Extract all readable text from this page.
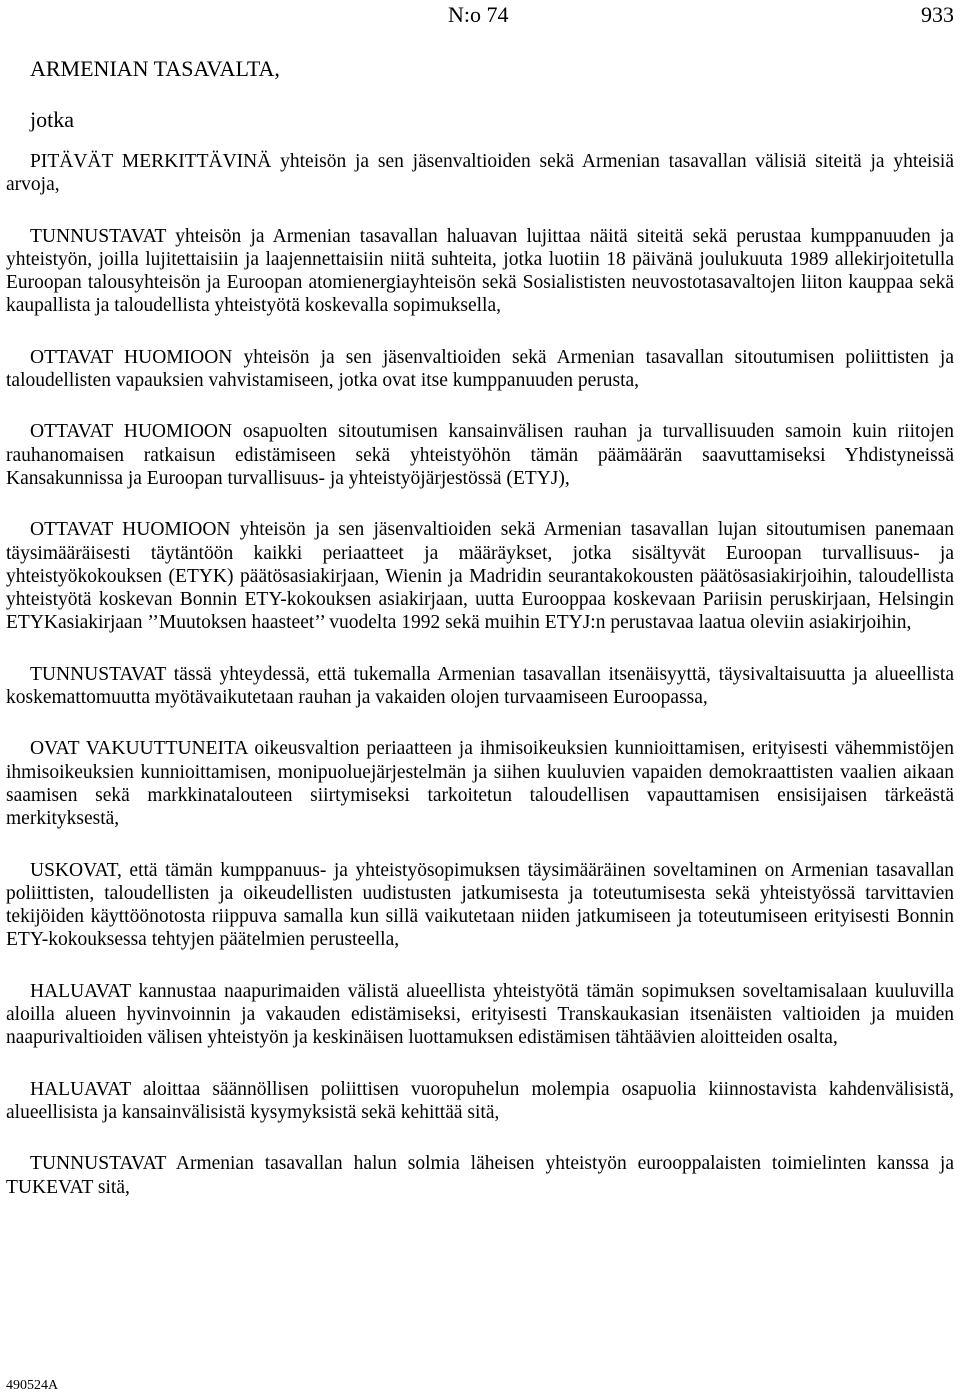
N:o 74	933
ARMENIAN TASAVALTA,
jotka

PITÄVÄT MERKITTÄVINÄ yhteisön ja sen jäsenvaltioiden sekä Armenian tasavallan välisiä siteitä ja yhteisiä arvoja,

TUNNUSTAVAT yhteisön ja Armenian tasavallan haluavan lujittaa näitä siteitä sekä perustaa kumppanuuden ja yhteistyön, joilla lujitettaisiin ja laajennettaisiin niitä suhteita, jotka luotiin 18 päivänä joulukuuta 1989 allekirjoitetulla Euroopan talousyhteisön ja Euroopan atomienergiayhteisön sekä Sosialististen neuvostotasavaltojen liiton kauppaa sekä kaupallista ja taloudellista yhteistyötä koskevalla sopimuksella,

OTTAVAT HUOMIOON yhteisön ja sen jäsenvaltioiden sekä Armenian tasavallan sitoutumisen poliittisten ja taloudellisten vapauksien vahvistamiseen, jotka ovat itse kumppanuuden perusta,

OTTAVAT HUOMIOON osapuolten sitoutumisen kansainvälisen rauhan ja turvallisuuden samoin kuin riitojen rauhanomaisen ratkaisun edistämiseen sekä yhteistyöhön tämän päämäärän saavuttamiseksi Yhdistyneissä Kansakunnissa ja Euroopan turvallisuus- ja yhteistyöjärjestössä (ETYJ),

OTTAVAT HUOMIOON yhteisön ja sen jäsenvaltioiden sekä Armenian tasavallan lujan sitoutumisen panemaan täysimääräisesti täytäntöön kaikki periaatteet ja määräykset, jotka sisältyvät Euroopan turvallisuus- ja yhteistyökokouksen (ETYK) päätösasiakirjaan, Wienin ja Madridin seurantakokousten päätösasiakirjoihin, taloudellista yhteistyötä koskevan Bonnin ETY-kokouksen asiakirjaan, uutta Eurooppaa koskevaan Pariisin peruskirjaan, Helsingin ETYKasiakirjaan ’’Muutoksen haasteet’’ vuodelta 1992 sekä muihin ETYJ:n perustavaa laatua oleviin asiakirjoihin,

TUNNUSTAVAT tässä yhteydessä, että tukemalla Armenian tasavallan itsenäisyyttä, täysivaltaisuutta ja alueellista koskemattomuutta myötävaikutetaan rauhan ja vakaiden olojen turvaamiseen Euroopassa,

OVAT VAKUUTTUNEITA oikeusvaltion periaatteen ja ihmisoikeuksien kunnioittamisen, erityisesti vähemmistöjen ihmisoikeuksien kunnioittamisen, monipuoluejärjestelmän ja siihen kuuluvien vapaiden demokraattisten vaalien aikaan saamisen sekä markkinatalouteen siirtymiseksi tarkoitetun taloudellisen vapauttamisen ensisijaisen tärkeästä merkityksestä,

USKOVAT, että tämän kumppanuus- ja yhteistyösopimuksen täysimääräinen soveltaminen on Armenian tasavallan poliittisten, taloudellisten ja oikeudellisten uudistusten jatkumisesta ja toteutumisesta sekä yhteistyössä tarvittavien tekijöiden käyttöönotosta riippuva samalla kun sillä vaikutetaan niiden jatkumiseen ja toteutumiseen erityisesti Bonnin ETY-kokouksessa tehtyjen päätelmien perusteella,

HALUAVAT kannustaa naapurimaiden välistä alueellista yhteistyötä tämän sopimuksen soveltamisalaan kuuluvilla aloilla alueen hyvinvoinnin ja vakauden edistämiseksi, erityisesti Transkaukasian itsenäisten valtioiden ja muiden naapurivaltioiden välisen yhteistyön ja keskinäisen luottamuksen edistämisen tähtäävien aloitteiden osalta,

HALUAVAT aloittaa säännöllisen poliittisen vuoropuhelun molempia osapuolia kiinnostavista kahdenvälisistä, alueellisista ja kansainvälisistä kysymyksistä sekä kehittää sitä,

TUNNUSTAVAT Armenian tasavallan halun solmia läheisen yhteistyön eurooppalaisten toimielinten kanssa ja TUKEVAT sitä,

490524A
